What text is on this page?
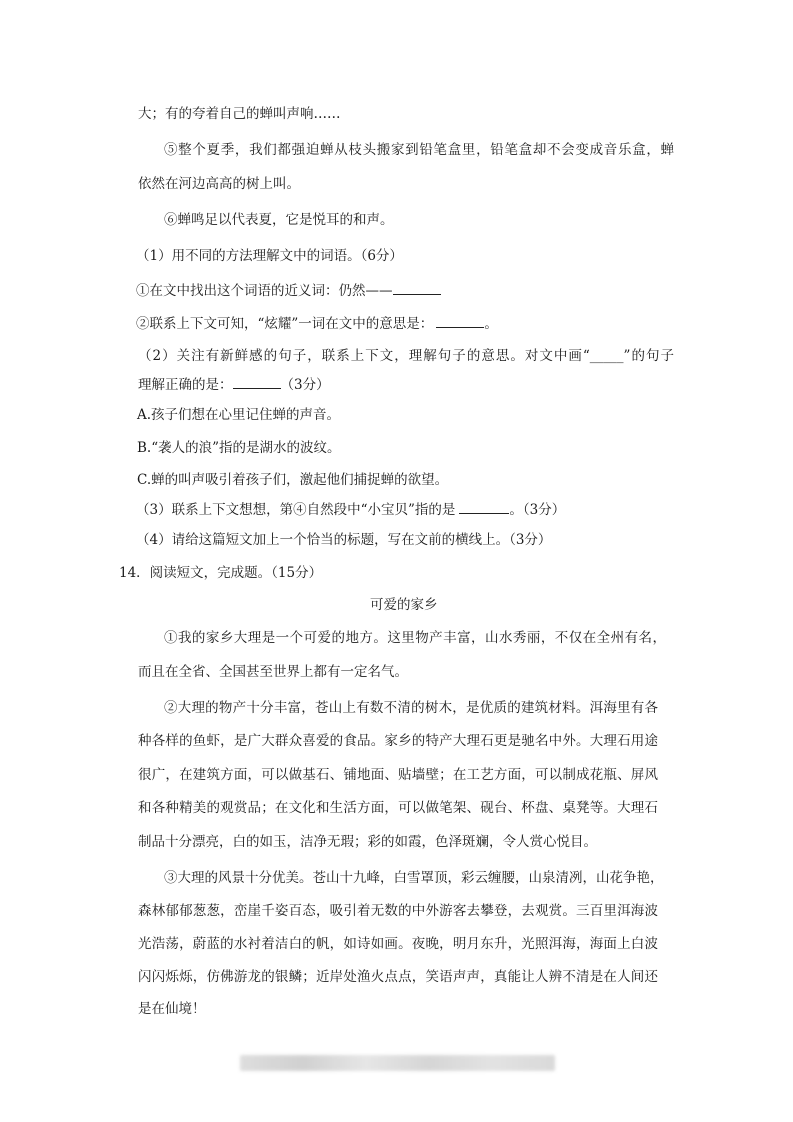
大；有的夸着自己的蝉叫声响……
⑤整个夏季，我们都强迫蝉从枝头搬家到铅笔盒里，铅笔盒却不会变成音乐盒，蝉
依然在河边高高的树上叫。
⑥蝉鸣足以代表夏，它是悦耳的和声。
（1）用不同的方法理解文中的词语。（6分）
①在文中找出这个词语的近义词：仍然——
②联系上下文可知，“炫耀”一词在文中的意思是：	。
（2）关注有新鲜感的句子，联系上下文，理解句子的意思。对文中画“_____”的句子
理解正确的是：	（3分）
A.孩子们想在心里记住蝉的声音。
B.“袭人的浪”指的是湖水的波纹。
C.蝉的叫声吸引着孩子们，激起他们捕捉蝉的欲望。
（3）联系上下文想想，第④自然段中“小宝贝”指的是	。（3分）
（4）请给这篇短文加上一个恰当的标题，写在文前的横线上。（3分）
14．阅读短文，完成题。（15分）
可爱的家乡
①我的家乡大理是一个可爱的地方。这里物产丰富，山水秀丽，不仅在全州有名，
而且在全省、全国甚至世界上都有一定名气。
②大理的物产十分丰富，苍山上有数不清的树木，是优质的建筑材料。洱海里有各
种各样的鱼虾，是广大群众喜爱的食品。家乡的特产大理石更是驰名中外。大理石用途
很广，在建筑方面，可以做基石、铺地面、贴墙壁；在工艺方面，可以制成花瓶、屏风
和各种精美的观赏品；在文化和生活方面，可以做笔架、砚台、杯盘、桌凳等。大理石
制品十分漂亮，白的如玉，洁净无瑕；彩的如霞，色泽斑斓，令人赏心悦目。
③大理的风景十分优美。苍山十九峰，白雪罩顶，彩云缠腰，山泉清冽，山花争艳，
森林郁郁葱葱，峦崖千姿百态，吸引着无数的中外游客去攀登，去观赏。三百里洱海波
光浩荡，蔚蓝的水衬着洁白的帆，如诗如画。夜晚，明月东升，光照洱海，海面上白波
闪闪烁烁，仿佛游龙的银鳞；近岸处渔火点点，笑语声声，真能让人辨不清是在人间还
是在仙境！
